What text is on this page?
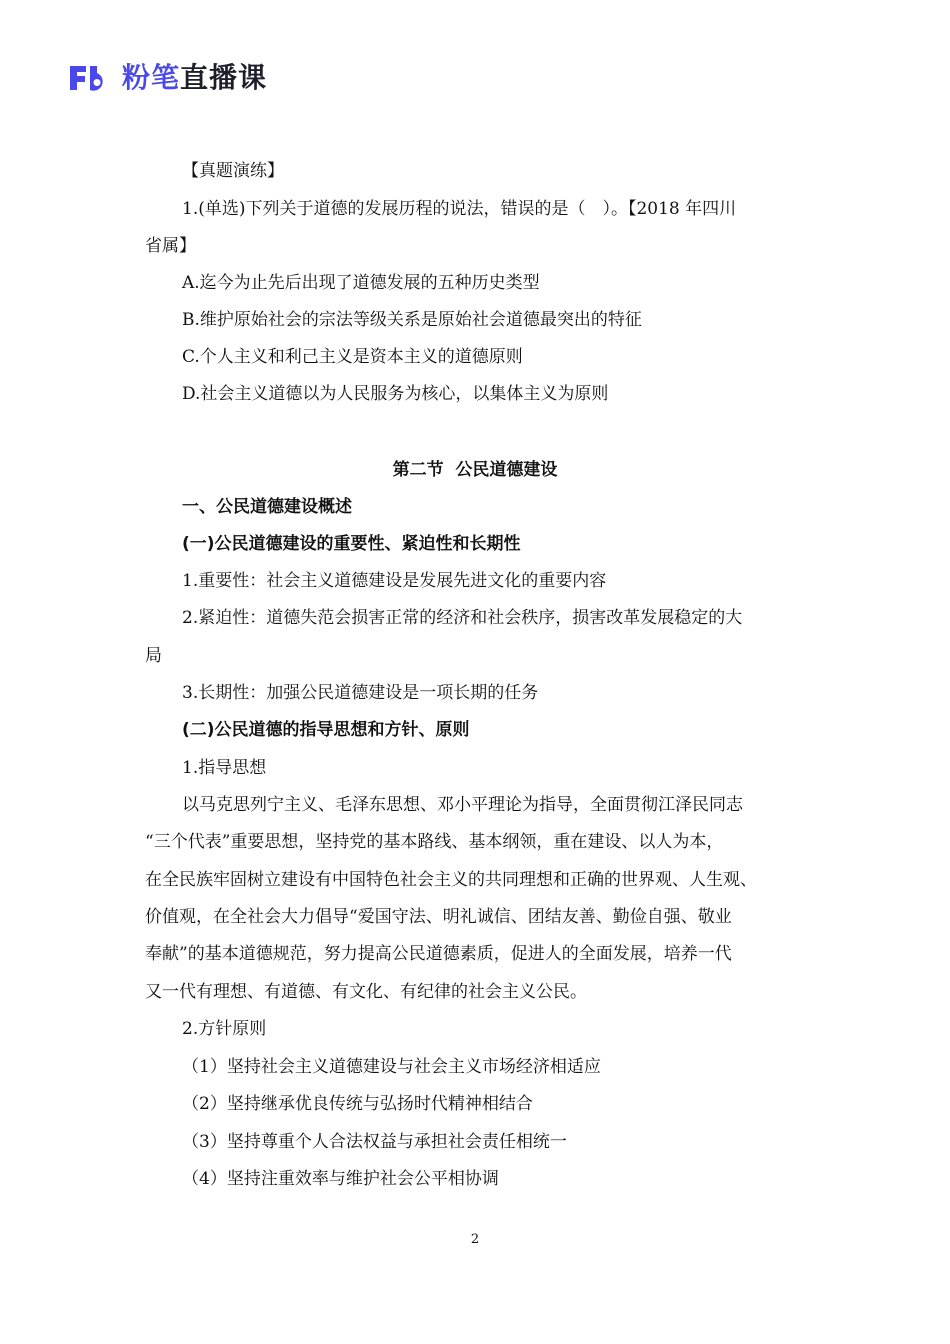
粉笔直播课
【真题演练】
1.(单选)下列关于道德的发展历程的说法，错误的是（　）。【2018 年四川
省属】
A.迄今为止先后出现了道德发展的五种历史类型
B.维护原始社会的宗法等级关系是原始社会道德最突出的特征
C.个人主义和利己主义是资本主义的道德原则
D.社会主义道德以为人民服务为核心，以集体主义为原则
第二节  公民道德建设
一、公民道德建设概述
(一)公民道德建设的重要性、紧迫性和长期性
1.重要性：社会主义道德建设是发展先进文化的重要内容
2.紧迫性：道德失范会损害正常的经济和社会秩序，损害改革发展稳定的大
局
3.长期性：加强公民道德建设是一项长期的任务
(二)公民道德的指导思想和方针、原则
1.指导思想
以马克思列宁主义、毛泽东思想、邓小平理论为指导，全面贯彻江泽民同志
“三个代表”重要思想，坚持党的基本路线、基本纲领，重在建设、以人为本，
在全民族牢固树立建设有中国特色社会主义的共同理想和正确的世界观、人生观、
价值观，在全社会大力倡导“爱国守法、明礼诚信、团结友善、勤俭自强、敬业
奉献”的基本道德规范，努力提高公民道德素质，促进人的全面发展，培养一代
又一代有理想、有道德、有文化、有纪律的社会主义公民。
2.方针原则
（1）坚持社会主义道德建设与社会主义市场经济相适应
（2）坚持继承优良传统与弘扬时代精神相结合
（3）坚持尊重个人合法权益与承担社会责任相统一
（4）坚持注重效率与维护社会公平相协调
2
